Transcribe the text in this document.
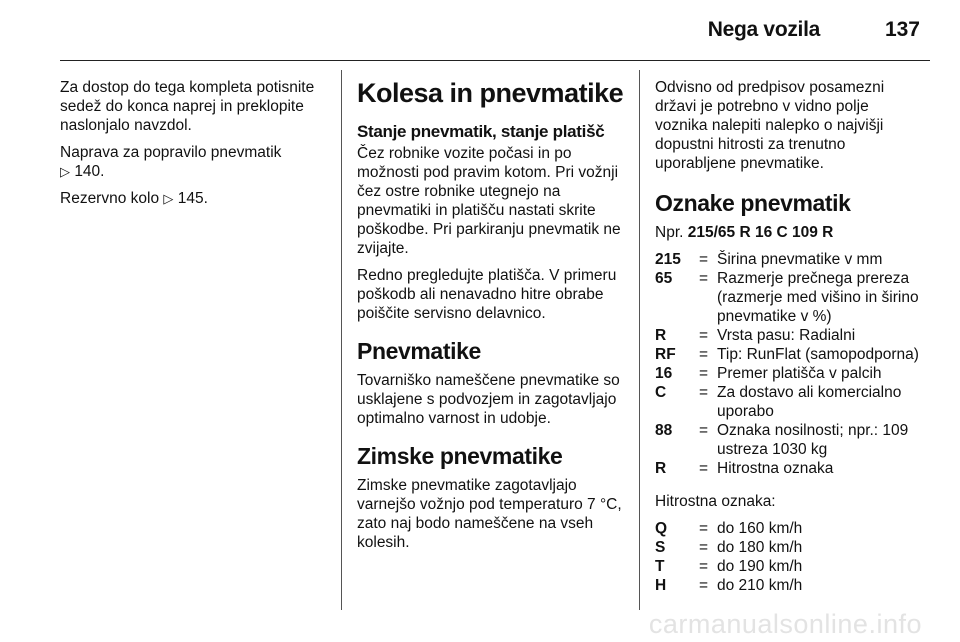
Nega vozila	137

Za dostop do tega kompleta potisnite sedež do konca naprej in preklopite naslonjalo navzdol.

Naprava za popravilo pnevmatik
▷ 140.

Rezervno kolo ▷ 145.

Kolesa in pnevmatike
Stanje pnevmatik, stanje platišč

Čez robnike vozite počasi in po možnosti pod pravim kotom. Pri vožnji čez ostre robnike utegnejo na pnevmatiki in platišču nastati skrite poškodbe. Pri parkiranju pnevmatik ne zvijajte.

Redno pregledujte platišča. V primeru poškodb ali nenavadno hitre obrabe poiščite servisno delavnico.

Pnevmatike

Tovarniško nameščene pnevmatike so usklajene s podvozjem in zagotavljajo optimalno varnost in udobje.

Zimske pnevmatike

Zimske pnevmatike zagotavljajo varnejšo vožnjo pod temperaturo 7 °C, zato naj bodo nameščene na vseh kolesih.

Odvisno od predpisov posamezni državi je potrebno v vidno polje voznika nalepiti nalepko o najvišji dopustni hitrosti za trenutno uporabljene pnevmatike.

Oznake pnevmatik

Npr. 215/65 R 16 C 109 R

215	= Širina pnevmatike v mm
65	= Razmerje prečnega prereza (razmerje med višino in širino pnevmatike v %)
R	= Vrsta pasu: Radialni
RF	= Tip: RunFlat (samopodporna)
16	= Premer platišča v palcih
C	= Za dostavo ali komercialno uporabo
88	= Oznaka nosilnosti; npr.: 109 ustreza 1030 kg
R	= Hitrostna oznaka

Hitrostna oznaka:

Q	= do 160 km/h
S	= do 180 km/h
T	= do 190 km/h
H	= do 210 km/h
carmanualsonline.info
